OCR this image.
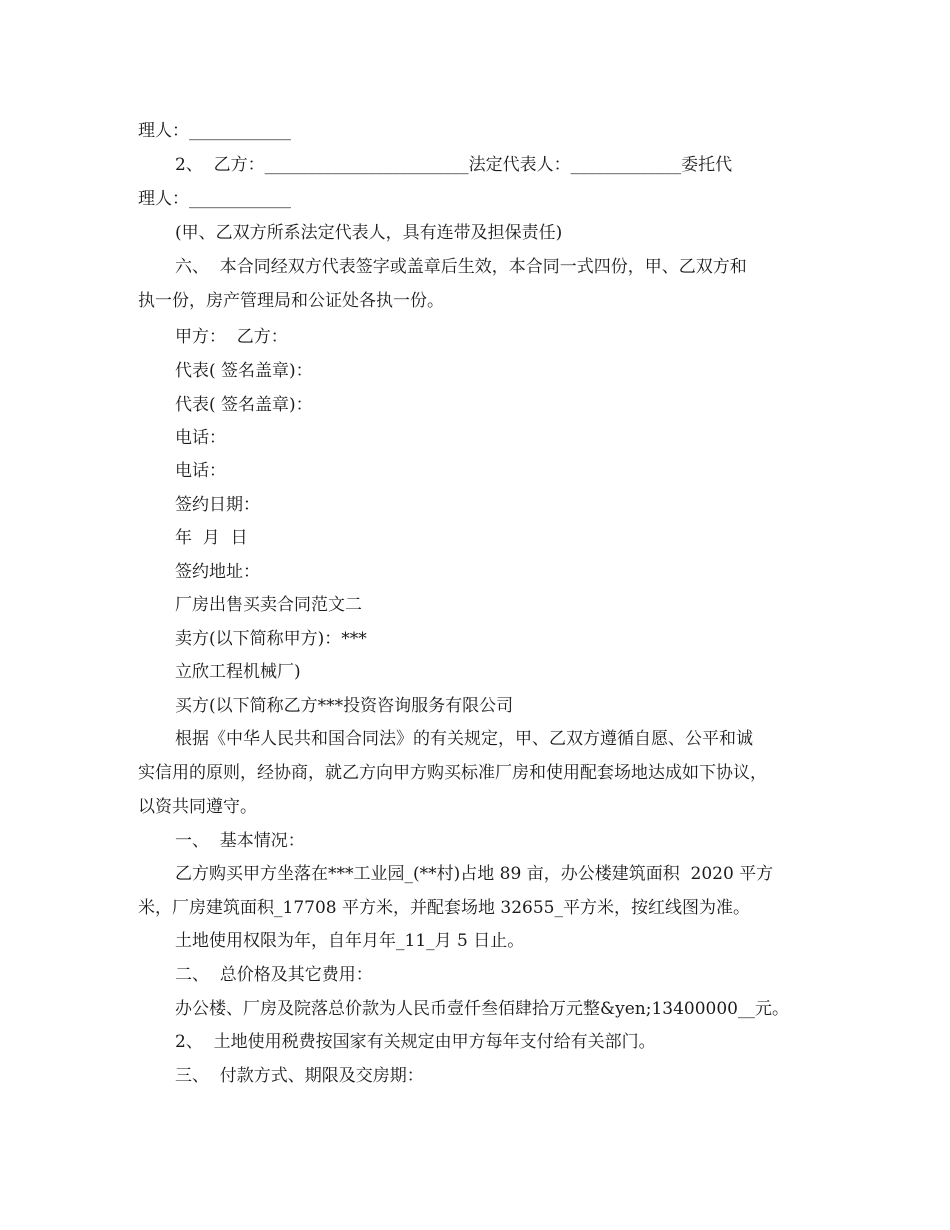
理人：____________
2、  乙方：________________________法定代表人：_____________委托代
理人：____________
(甲、乙双方所系法定代表人，具有连带及担保责任)
六、  本合同经双方代表签字或盖章后生效，本合同一式四份，甲、乙双方和
执一份，房产管理局和公证处各执一份。
甲方：  乙方：
代表( 签名盖章)：
代表( 签名盖章)：
电话：
电话：
签约日期：
年  月  日
签约地址：
厂房出售买卖合同范文二
卖方(以下简称甲方)：***
立欣工程机械厂)
买方(以下简称乙方***投资咨询服务有限公司
根据《中华人民共和国合同法》的有关规定，甲、乙双方遵循自愿、公平和诚
实信用的原则，经协商，就乙方向甲方购买标准厂房和使用配套场地达成如下协议，
以资共同遵守。
一、  基本情况：
乙方购买甲方坐落在***工业园_(**村)占地 89 亩，办公楼建筑面积  2020 平方
米，厂房建筑面积_17708 平方米，并配套场地 32655_平方米，按红线图为准。
土地使用权限为年，自年月年_11_月 5 日止。
二、  总价格及其它费用：
办公楼、厂房及院落总价款为人民币壹仟叁佰肆拾万元整&yen;13400000__元。
2、  土地使用税费按国家有关规定由甲方每年支付给有关部门。
三、  付款方式、期限及交房期：
